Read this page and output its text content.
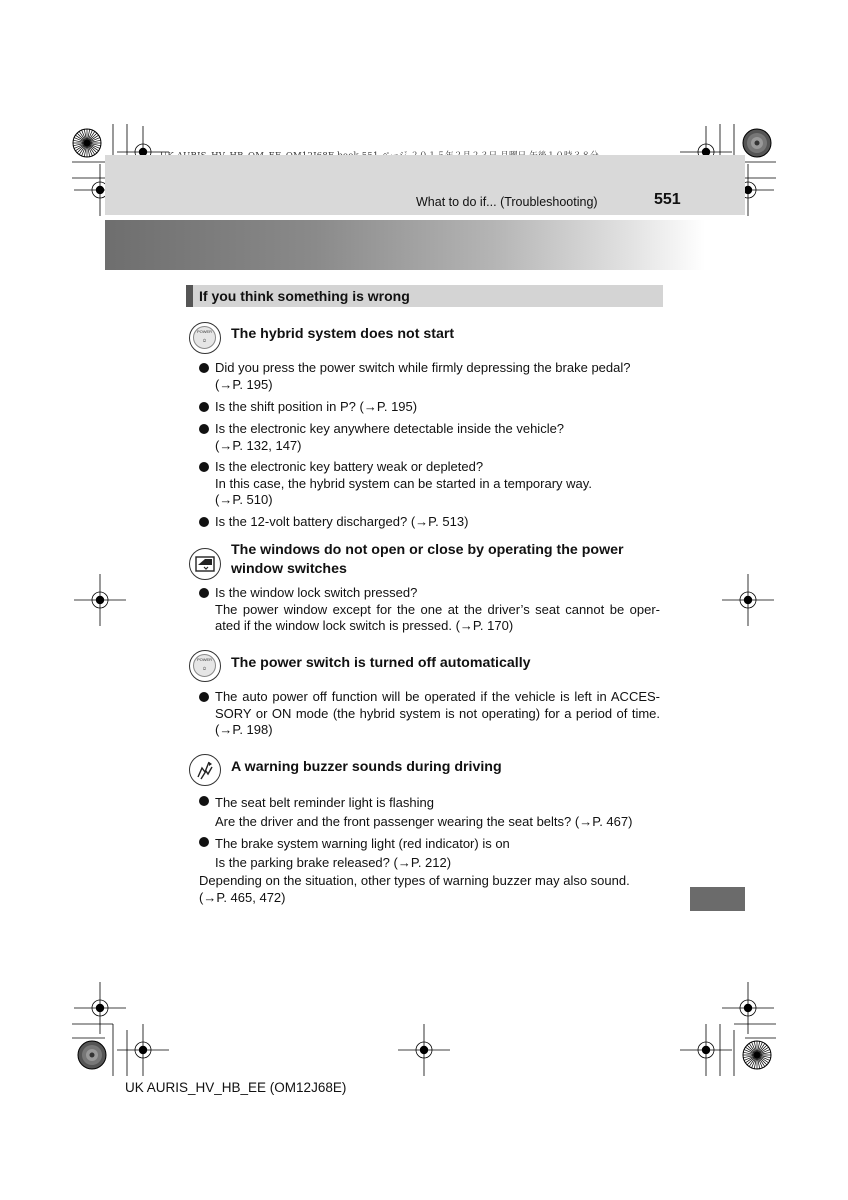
What to do if... (Troubleshooting)	551
If you think something is wrong
POWER
⏻	The hybrid system does not start
Did you press the power switch while firmly depressing the brake pedal?
(→P. 195)
Is the shift position in P? (→P. 195)
Is the electronic key anywhere detectable inside the vehicle?
(→P. 132, 147)
Is the electronic key battery weak or depleted?
In this case, the hybrid system can be started in a temporary way.
(→P. 510)
Is the 12-volt battery discharged? (→P. 513)
The windows do not open or close by operating the power
window switches
Is the window lock switch pressed?

The power window except for the one at the driver’s seat cannot be oper-ated if the window lock switch is pressed. (→P. 170)
POWER
⏻	The power switch is turned off automatically
The auto power off function will be operated if the vehicle is left in ACCES-SORY or ON mode (the hybrid system is not operating) for a period of time. (→P. 198)
A warning buzzer sounds during driving
The seat belt reminder light is flashing
Are the driver and the front passenger wearing the seat belts? (→P. 467)
The brake system warning light (red indicator) is on
Is the parking brake released? (→P. 212)
Depending on the situation, other types of warning buzzer may also sound.
(→P. 465, 472)
UK AURIS_HV_HB_EE (OM12J68E)
